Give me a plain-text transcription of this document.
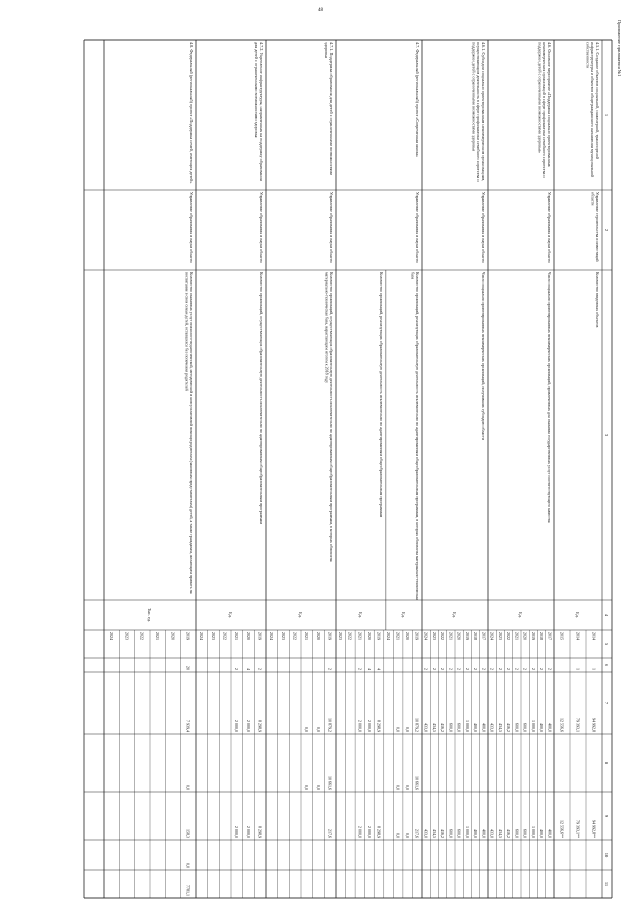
48
Приложение приложения №1
1
2
3
4
5
6
7
8
9
10
11
4.5.1. Создание объектов социальной, инженерной, транспортной
инфраструктуры и объектов общегражданского назначения муниципальной
собственности
Управление строительства и инвестиций
области
Количество введенных объектов
Ед.
2014
1
94 992,8
94 992,8**
2014
1
79 393,1
79 393,1**
2015
12 556,6
12 556,6**
4.6. Основное мероприятие «Поддержка социально ориентированных
некоммерческих организаций в сфере профилактики семейного сиротства и
поддержки детей с ограниченными возможностями здоровья»
Управление образования и науки области
Число социально ориентированных некоммерческих организаций, привлеченных для оказания государственных услуг соответствующего качества
Ед.
2017
2
400,0
400,0
2018
2
400,0
400,0
2019
2
1 000,0
1 000,0
2020
2
600,0
600,0
2021
2
600,0
600,0
2022
2
416,2
416,2
2023
2
434,5
434,5
2024
2
433,0
433,0
4.6.1. Субсидии социально ориентированным некоммерческим организациям,
осуществляющим деятельность в сфере профилактики семейного сиротства и
поддержки детей с ограниченными возможностями здоровья
Управление образования и науки области
Число социально ориентированных некоммерческих организаций, получивших субсидию области
Ед.
2017
2
400,0
400,0
2018
2
400,0
400,0
2019
2
1 000,0
1 000,0
2020
2
600,0
600,0
2021
2
600,0
600,0
2022
2
416,2
416,2
2023
2
434,5
434,5
2024
2
433,0
433,0
4.7. Федеральный (региональный) проект «Современная школа»
Управление образования и науки области
Количество организаций, реализующих образовательную деятельность исключительно по адаптированным общеобразовательным программам, в которых обновлена материально-техническая
база
Количество организаций, реализующих образовательную деятельность исключительно по адаптированным общеобразовательным программам
Ед.
Ед.
2019
10 879,2
10 661,6
217,6
2020
0,0
0,0
0,0
2021
0,0
0,0
0,0
2024
2019
4
8 298,9
8 298,9
2020
4
2 000,0
2 000,0
2021
2
2 000,0
2 000,0
2022
2023
4.7.1. Поддержка образования для детей с ограниченными возможностями
здоровья
Управление образования и науки области
Количество организаций, осуществляющих образовательную деятельность исключительно по адаптированным общеобразовательным программам, в которых обновлена
материально-техническая база, нарастающим итогом к 2018 году
Ед.
2019
2
10 879,2
10 661,6
217,6
2020
0,0
0,0
2021
0,0
0,0
2022
2023
2024
4.7.2. Укрепление инфраструктуры, направленных на поддержку образования
для детей с ограниченными возможностями здоровья
Управление образования и науки области
Количество организаций, осуществляющих образовательную деятельность исключительно по адаптированным общеобразовательным программам
Ед.
2019
2
8 298,9
8 298,9
2020
4
2 000,0
2 000,0
2021
2
2 000,0
2 000,0
2022
2023
2024
4.8. Федеральный (региональный) проект «Поддержка семей, имеющих детей»
Управление образования и науки области
Количество оказанных услуг психолого-педагогической, методической и консультативной помощи родителям (законным представителям) детей, а также гражданам, желающим принять на
воспитание в свои семьи детей, оставшихся без попечения родителей
Тыс. ед.
2019
20
7 939,4
0,0
158,3
0,0
7781,1
2020
2021
2022
2023
2024
